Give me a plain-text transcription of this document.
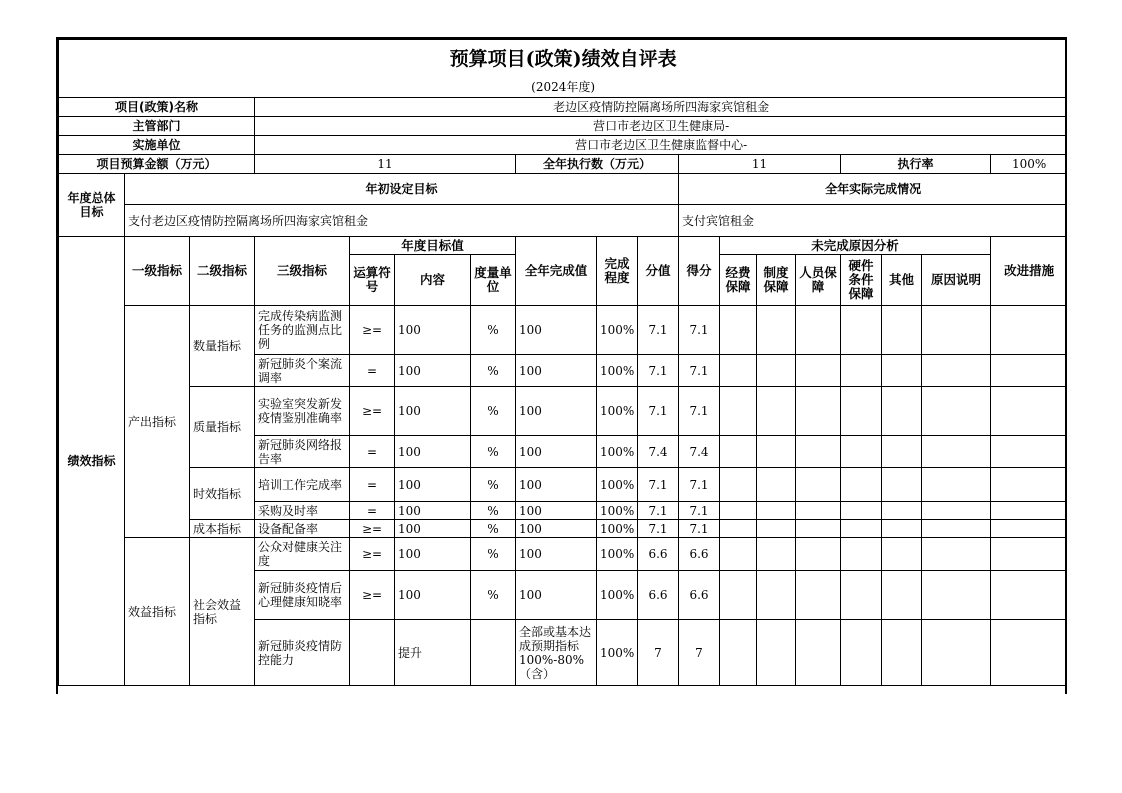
预算项目(政策)绩效自评表																	
(2024年度)																	
项目(政策)名称			老边区疫情防控隔离场所四海家宾馆租金														
主管部门			营口市老边区卫生健康局-														
实施单位			营口市老边区卫生健康监督中心-														
项目预算金额（万元）			11				全年执行数（万元）			11				执行率			100%
年度总体目标	年初设定目标									全年实际完成情况							
	支付老边区疫情防控隔离场所四海家宾馆租金									支付宾馆租金							
绩效指标	一级指标	二级指标	三级指标	年度目标值			全年完成值	完成程度	分值	得分	未完成原因分析						改进措施
				运算符号	内容	度量单位					经费保障	制度保障	人员保障	硬件条件保障	其他	原因说明	
	产出指标	数量指标	完成传染病监测任务的监测点比例	≥=	100	%	100	100%	7.1	7.1							
			新冠肺炎个案流调率	=	100	%	100	100%	7.1	7.1							
		质量指标	实验室突发新发疫情鉴别准确率	≥=	100	%	100	100%	7.1	7.1							
			新冠肺炎网络报告率	=	100	%	100	100%	7.4	7.4							
		时效指标	培训工作完成率	=	100	%	100	100%	7.1	7.1							
			采购及时率	=	100	%	100	100%	7.1	7.1							
		成本指标	设备配备率	≥=	100	%	100	100%	7.1	7.1							
	效益指标	社会效益指标	公众对健康关注度	≥=	100	%	100	100%	6.6	6.6							
			新冠肺炎疫情后心理健康知晓率	≥=	100	%	100	100%	6.6	6.6							
			新冠肺炎疫情防控能力		提升		全部或基本达成预期指标100%-80%（含）	100%	7	7							
